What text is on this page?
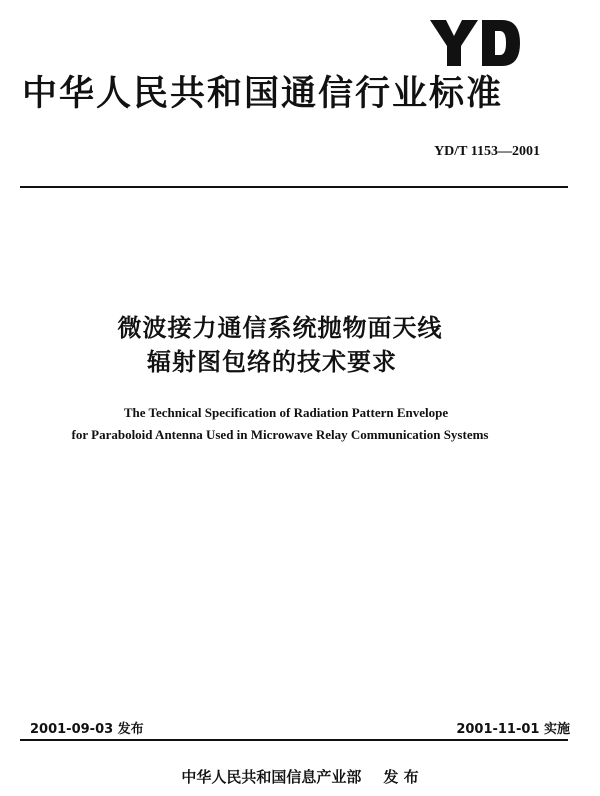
中华人民共和国通信行业标准
YD/T 1153—2001
微波接力通信系统抛物面天线
辐射图包络的技术要求
The Technical Specification of Radiation Pattern Envelope
for Paraboloid Antenna Used in Microwave Relay Communication Systems
2001-09-03 发布	2001-11-01 实施
中华人民共和国信息产业部 发 布
